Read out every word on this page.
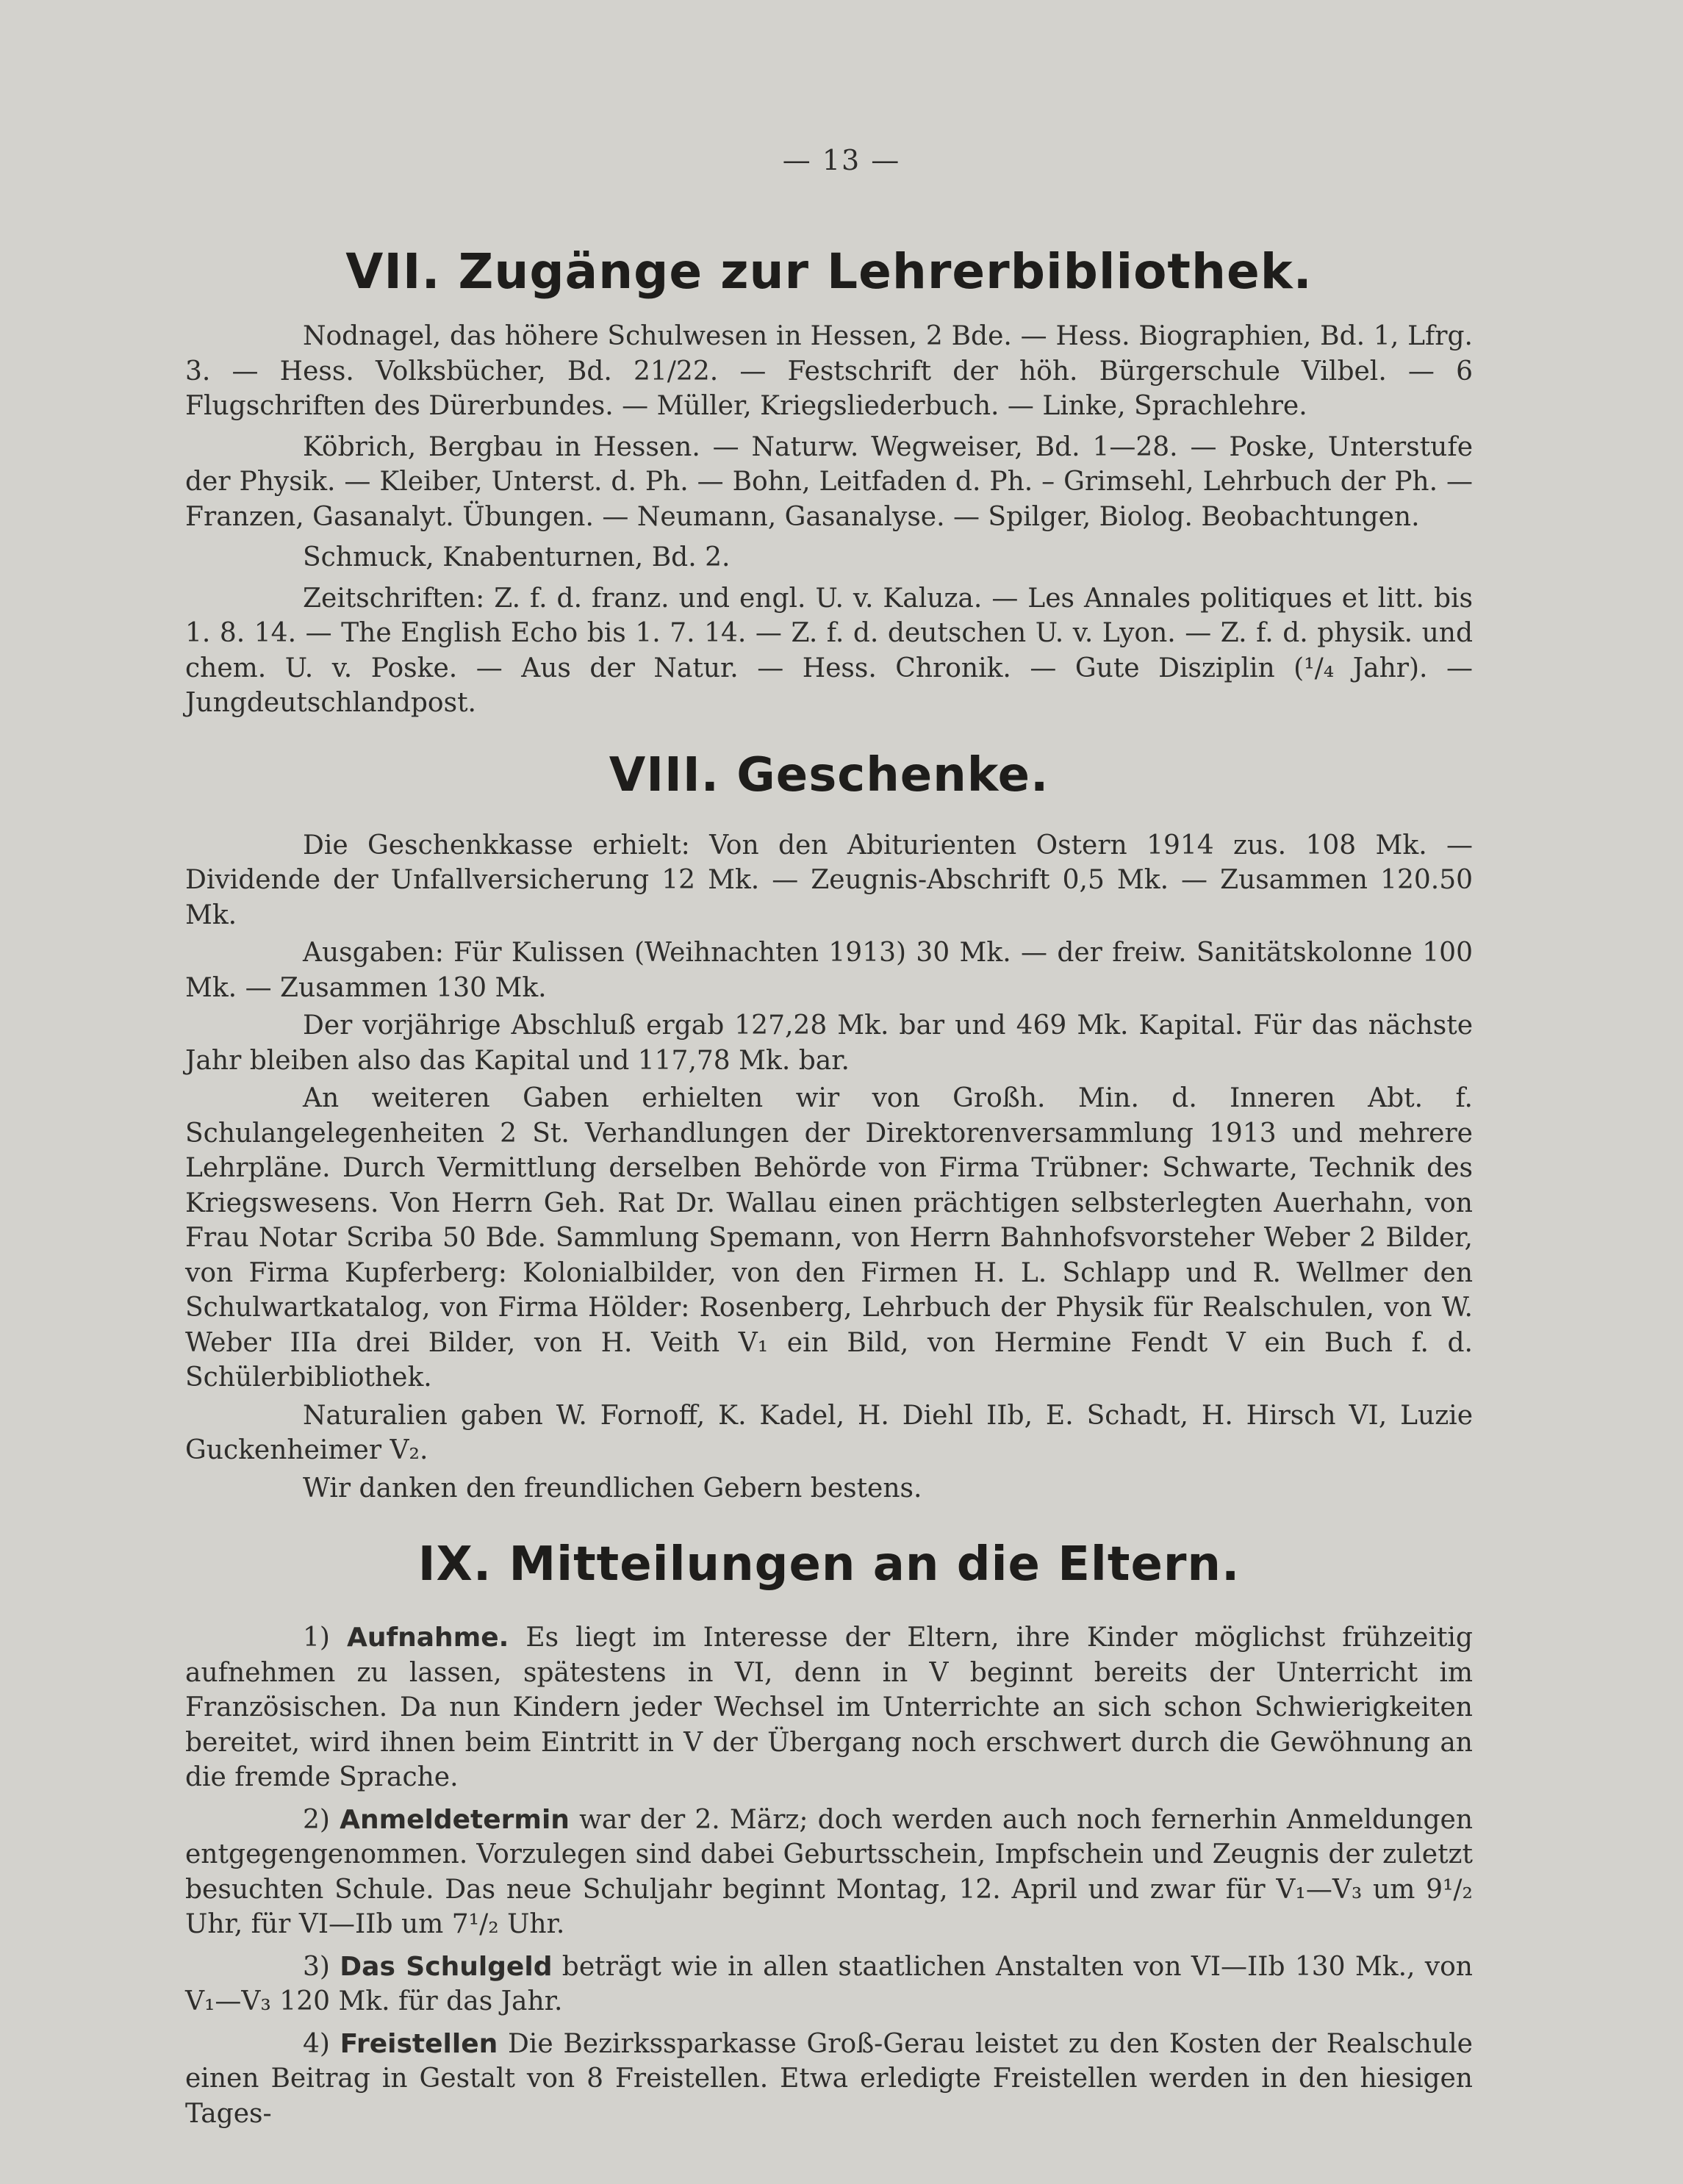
— 13 —
VII. Zugänge zur Lehrerbibliothek.

Nodnagel, das höhere Schulwesen in Hessen, 2 Bde. — Hess. Biographien, Bd. 1, Lfrg. 3. — Hess. Volksbücher, Bd. 21/22. — Festschrift der höh. Bürgerschule Vilbel. — 6 Flugschriften des Dürerbundes. — Müller, Kriegsliederbuch. — Linke, Sprachlehre.

Köbrich, Bergbau in Hessen. — Naturw. Wegweiser, Bd. 1—28. — Poske, Unterstufe der Physik. — Kleiber, Unterst. d. Ph. — Bohn, Leitfaden d. Ph. – Grimsehl, Lehrbuch der Ph. — Franzen, Gasanalyt. Übungen. — Neumann, Gasanalyse. — Spilger, Biolog. Beobachtungen.

Schmuck, Knabenturnen, Bd. 2.

Zeitschriften: Z. f. d. franz. und engl. U. v. Kaluza. — Les Annales politiques et litt. bis 1. 8. 14. — The English Echo bis 1. 7. 14. — Z. f. d. deutschen U. v. Lyon. — Z. f. d. physik. und chem. U. v. Poske. — Aus der Natur. — Hess. Chronik. — Gute Disziplin (¹/₄ Jahr). — Jungdeutschlandpost.

VIII. Geschenke.

Die Geschenkkasse erhielt: Von den Abiturienten Ostern 1914 zus. 108 Mk. — Dividende der Unfallversicherung 12 Mk. — Zeugnis-Abschrift 0,5 Mk. — Zusammen 120.50 Mk.

Ausgaben: Für Kulissen (Weihnachten 1913) 30 Mk. — der freiw. Sanitätskolonne 100 Mk. — Zusammen 130 Mk.

Der vorjährige Abschluß ergab 127,28 Mk. bar und 469 Mk. Kapital. Für das nächste Jahr bleiben also das Kapital und 117,78 Mk. bar.

An weiteren Gaben erhielten wir von Großh. Min. d. Inneren Abt. f. Schulangelegenheiten 2 St. Verhandlungen der Direktorenversammlung 1913 und mehrere Lehrpläne. Durch Vermittlung derselben Behörde von Firma Trübner: Schwarte, Technik des Kriegswesens. Von Herrn Geh. Rat Dr. Wallau einen prächtigen selbsterlegten Auerhahn, von Frau Notar Scriba 50 Bde. Sammlung Spemann, von Herrn Bahnhofsvorsteher Weber 2 Bilder, von Firma Kupferberg: Kolonialbilder, von den Firmen H. L. Schlapp und R. Wellmer den Schulwartkatalog, von Firma Hölder: Rosenberg, Lehrbuch der Physik für Realschulen, von W. Weber IIIa drei Bilder, von H. Veith V₁ ein Bild, von Hermine Fendt V ein Buch f. d. Schülerbibliothek.

Naturalien gaben W. Fornoff, K. Kadel, H. Diehl IIb, E. Schadt, H. Hirsch VI, Luzie Guckenheimer V₂.

Wir danken den freundlichen Gebern bestens.

IX. Mitteilungen an die Eltern.

1) Aufnahme. Es liegt im Interesse der Eltern, ihre Kinder möglichst frühzeitig aufnehmen zu lassen, spätestens in VI, denn in V beginnt bereits der Unterricht im Französischen. Da nun Kindern jeder Wechsel im Unterrichte an sich schon Schwierigkeiten bereitet, wird ihnen beim Eintritt in V der Übergang noch erschwert durch die Gewöhnung an die fremde Sprache.

2) Anmeldetermin war der 2. März; doch werden auch noch fernerhin Anmeldungen entgegengenommen. Vorzulegen sind dabei Geburtsschein, Impfschein und Zeugnis der zuletzt besuchten Schule. Das neue Schuljahr beginnt Montag, 12. April und zwar für V₁—V₃ um 9¹/₂ Uhr, für VI—IIb um 7¹/₂ Uhr.

3) Das Schulgeld beträgt wie in allen staatlichen Anstalten von VI—IIb 130 Mk., von V₁—V₃ 120 Mk. für das Jahr.

4) Freistellen Die Bezirkssparkasse Groß-Gerau leistet zu den Kosten der Realschule einen Beitrag in Gestalt von 8 Freistellen. Etwa erledigte Freistellen werden in den hiesigen Tages-
